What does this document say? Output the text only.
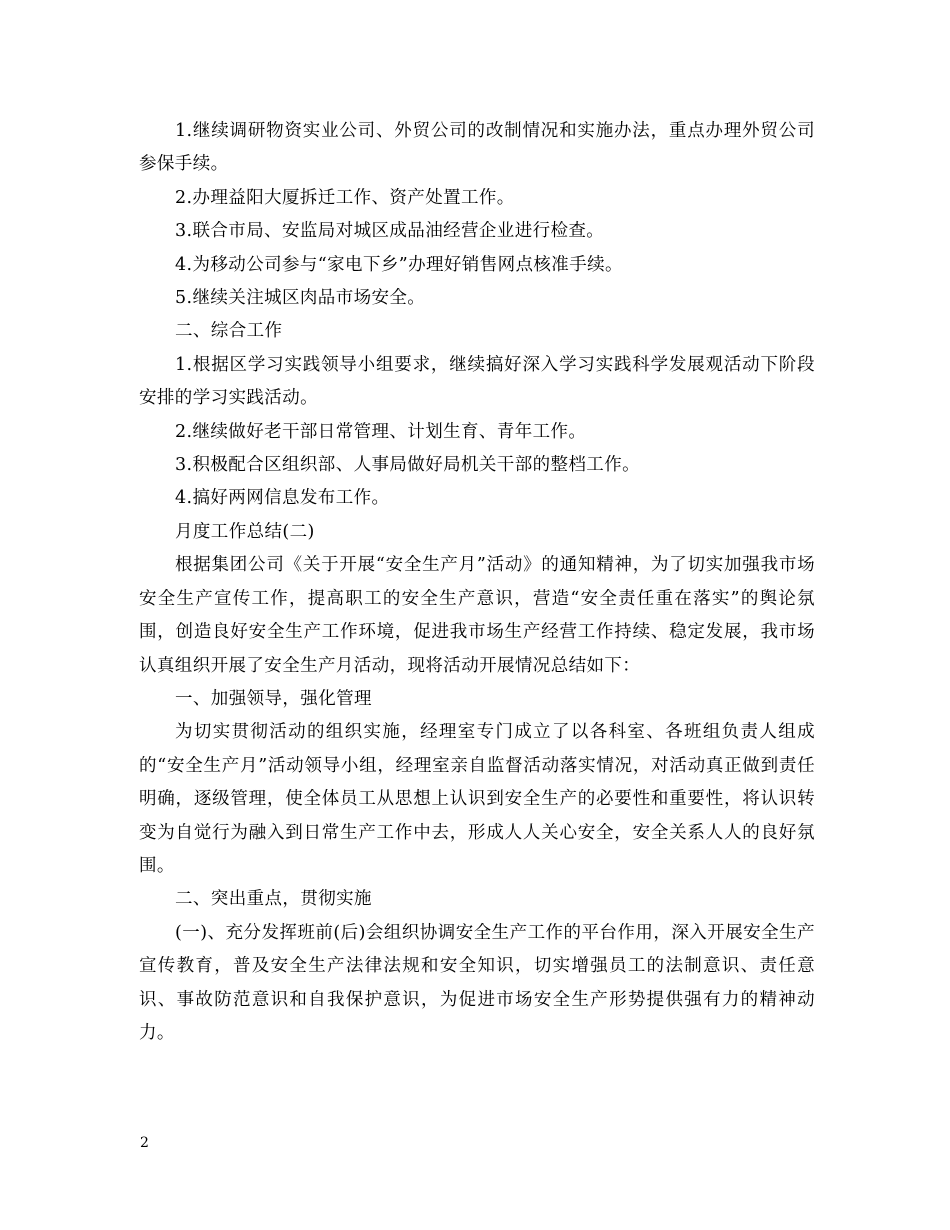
1.继续调研物资实业公司、外贸公司的改制情况和实施办法，重点办理外贸公司参保手续。

2.办理益阳大厦拆迁工作、资产处置工作。

3.联合市局、安监局对城区成品油经营企业进行检查。

4.为移动公司参与“家电下乡”办理好销售网点核准手续。

5.继续关注城区肉品市场安全。

二、综合工作

1.根据区学习实践领导小组要求，继续搞好深入学习实践科学发展观活动下阶段安排的学习实践活动。

2.继续做好老干部日常管理、计划生育、青年工作。

3.积极配合区组织部、人事局做好局机关干部的整档工作。

4.搞好两网信息发布工作。

月度工作总结(二)

根据集团公司《关于开展“安全生产月”活动》的通知精神，为了切实加强我市场安全生产宣传工作，提高职工的安全生产意识，营造“安全责任重在落实”的舆论氛围，创造良好安全生产工作环境，促进我市场生产经营工作持续、稳定发展，我市场认真组织开展了安全生产月活动，现将活动开展情况总结如下：

一、加强领导，强化管理

为切实贯彻活动的组织实施，经理室专门成立了以各科室、各班组负责人组成的“安全生产月”活动领导小组，经理室亲自监督活动落实情况，对活动真正做到责任明确，逐级管理，使全体员工从思想上认识到安全生产的必要性和重要性，将认识转变为自觉行为融入到日常生产工作中去，形成人人关心安全，安全关系人人的良好氛围。

二、突出重点，贯彻实施

(一)、充分发挥班前(后)会组织协调安全生产工作的平台作用，深入开展安全生产宣传教育，普及安全生产法律法规和安全知识，切实增强员工的法制意识、责任意识、事故防范意识和自我保护意识，为促进市场安全生产形势提供强有力的精神动力。

2
